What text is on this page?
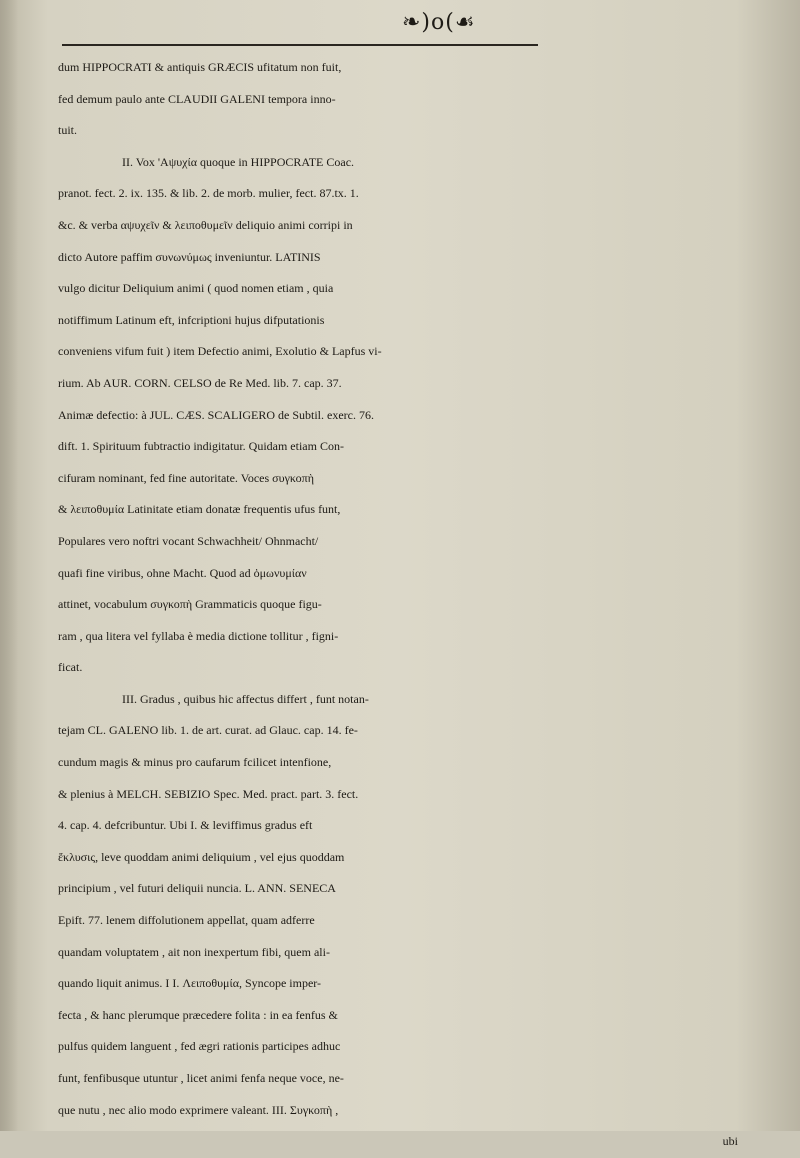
❧)ο(☙
dum HIPPOCRATI & antiquis GRÆCIS ufitatum non fuit,
fed demum paulo ante CLAUDII GALENI tempora inno-
tuit.
II. Vox 'Aψυχία quoque in HIPPOCRATE Coac.
pranot. fect. 2. ix. 135. & lib. 2. de morb. mulier, fect. 87.tx. 1.
&c. & verba αψυχεῖν & λειποθυμεῖν deliquio animi corripi in
dicto Autore paffim συνωνύμως inveniuntur. LATINIS
vulgo dicitur Deliquium animi ( quod nomen etiam , quia
notiffimum Latinum eft, infcriptioni hujus difputationis
conveniens vifum fuit ) item Defectio animi, Exolutio & Lapfus vi-
rium. Ab AUR. CORN. CELSO de Re Med. lib. 7. cap. 37.
Animæ defectio: à JUL. CÆS. SCALIGERO de Subtil. exerc. 76.
dift. 1. Spirituum fubtractio indigitatur. Quidam etiam Con-
cifuram nominant, fed fine autoritate. Voces συγκοπὴ
& λειποθυμία Latinitate etiam donatæ frequentis ufus funt,
Populares vero noftri vocant Schwachheit/ Ohnmacht/
quafi fine viribus, ohne Macht. Quod ad ὁμωνυμίαν
attinet, vocabulum συγκοπὴ Grammaticis quoque figu-
ram , qua litera vel fyllaba è media dictione tollitur , figni-
ficat.
III. Gradus , quibus hic affectus differt , funt notan-
tejam CL. GALENO lib. 1. de art. curat. ad Glauc. cap. 14. fe-
cundum magis & minus pro caufarum fcilicet intenfione,
& plenius à MELCH. SEBIZIO Spec. Med. pract. part. 3. fect.
4. cap. 4. defcribuntur. Ubi I. & leviffimus gradus eft
ἔκλυσις, leve quoddam animi deliquium , vel ejus quoddam
principium , vel futuri deliquii nuncia. L. ANN. SENECA
Epift. 77. lenem diffolutionem appellat, quam adferre
quandam voluptatem , ait non inexpertum fibi, quem ali-
quando liquit animus. I I. Λειποθυμία, Syncope imper-
fecta , & hanc plerumque præcedere folita : in ea fenfus &
pulfus quidem languent , fed ægri rationis participes adhuc
funt, fenfibusque utuntur , licet animi fenfa neque voce, ne-
que nutu , nec alio modo exprimere valeant. III. Συγκοπὴ ,
ubi
